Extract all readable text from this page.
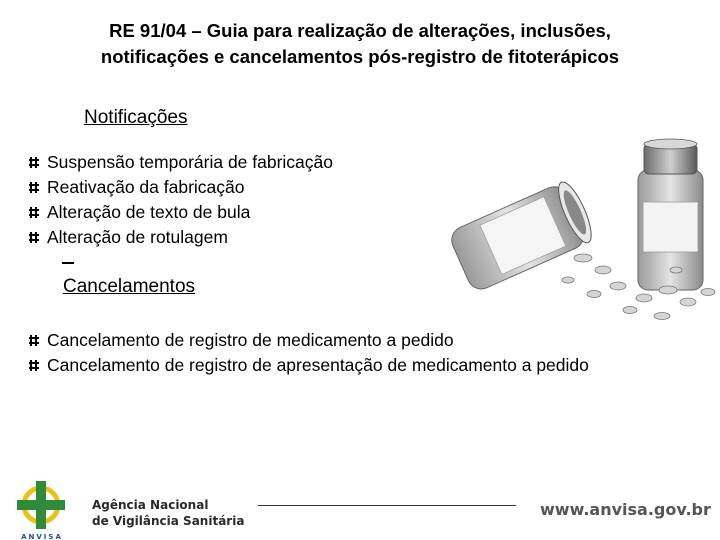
RE 91/04 – Guia para realização de alterações, inclusões,
notificações e cancelamentos pós-registro de fitoterápicos
Notificações
Suspensão temporária de fabricação
Reativação da fabricação
Alteração de texto de bula
Alteração de rotulagem
Cancelamentos
Cancelamento de registro de medicamento a pedido
Cancelamento de registro de apresentação de medicamento a pedido
ANVISA
Agência Nacional
de Vigilância Sanitária
www.anvisa.gov.br
